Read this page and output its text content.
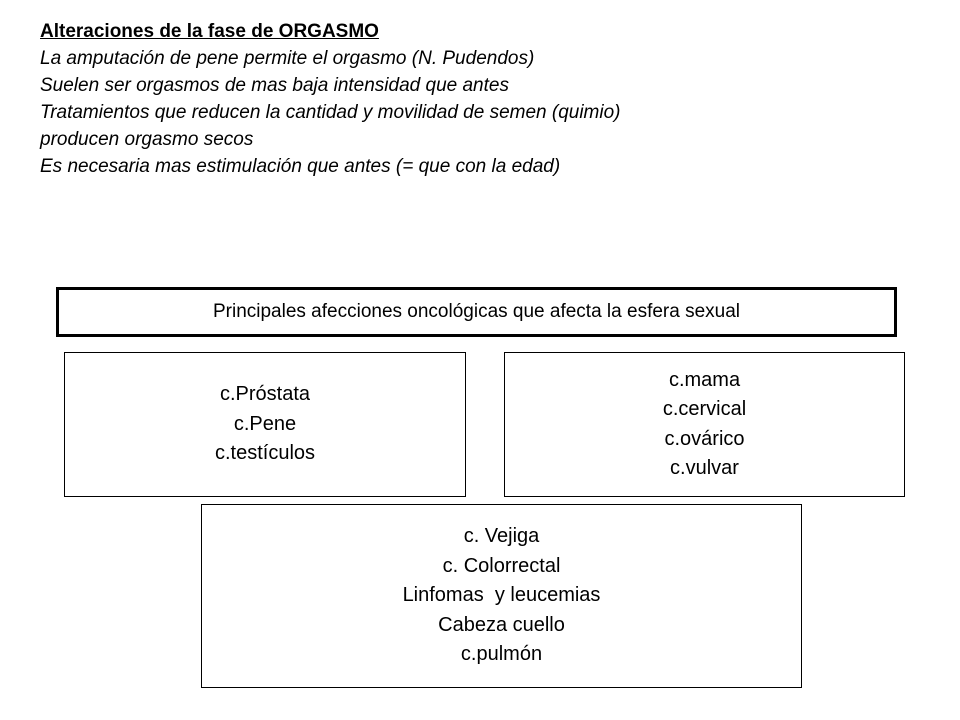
Alteraciones de la fase de ORGASMO

La amputación de pene permite el orgasmo (N. Pudendos)

Suelen ser orgasmos de mas baja intensidad que antes

Tratamientos que reducen la cantidad y movilidad de semen (quimio)

producen orgasmo secos

Es necesaria mas estimulación que antes (= que con la edad)

Principales afecciones oncológicas que afecta la esfera sexual
c.Próstata
c.Pene
c.testículos
c.mama
c.cervical
c.ovárico
c.vulvar
c. Vejiga
c. Colorrectal
Linfomas  y leucemias
Cabeza cuello
c.pulmón
